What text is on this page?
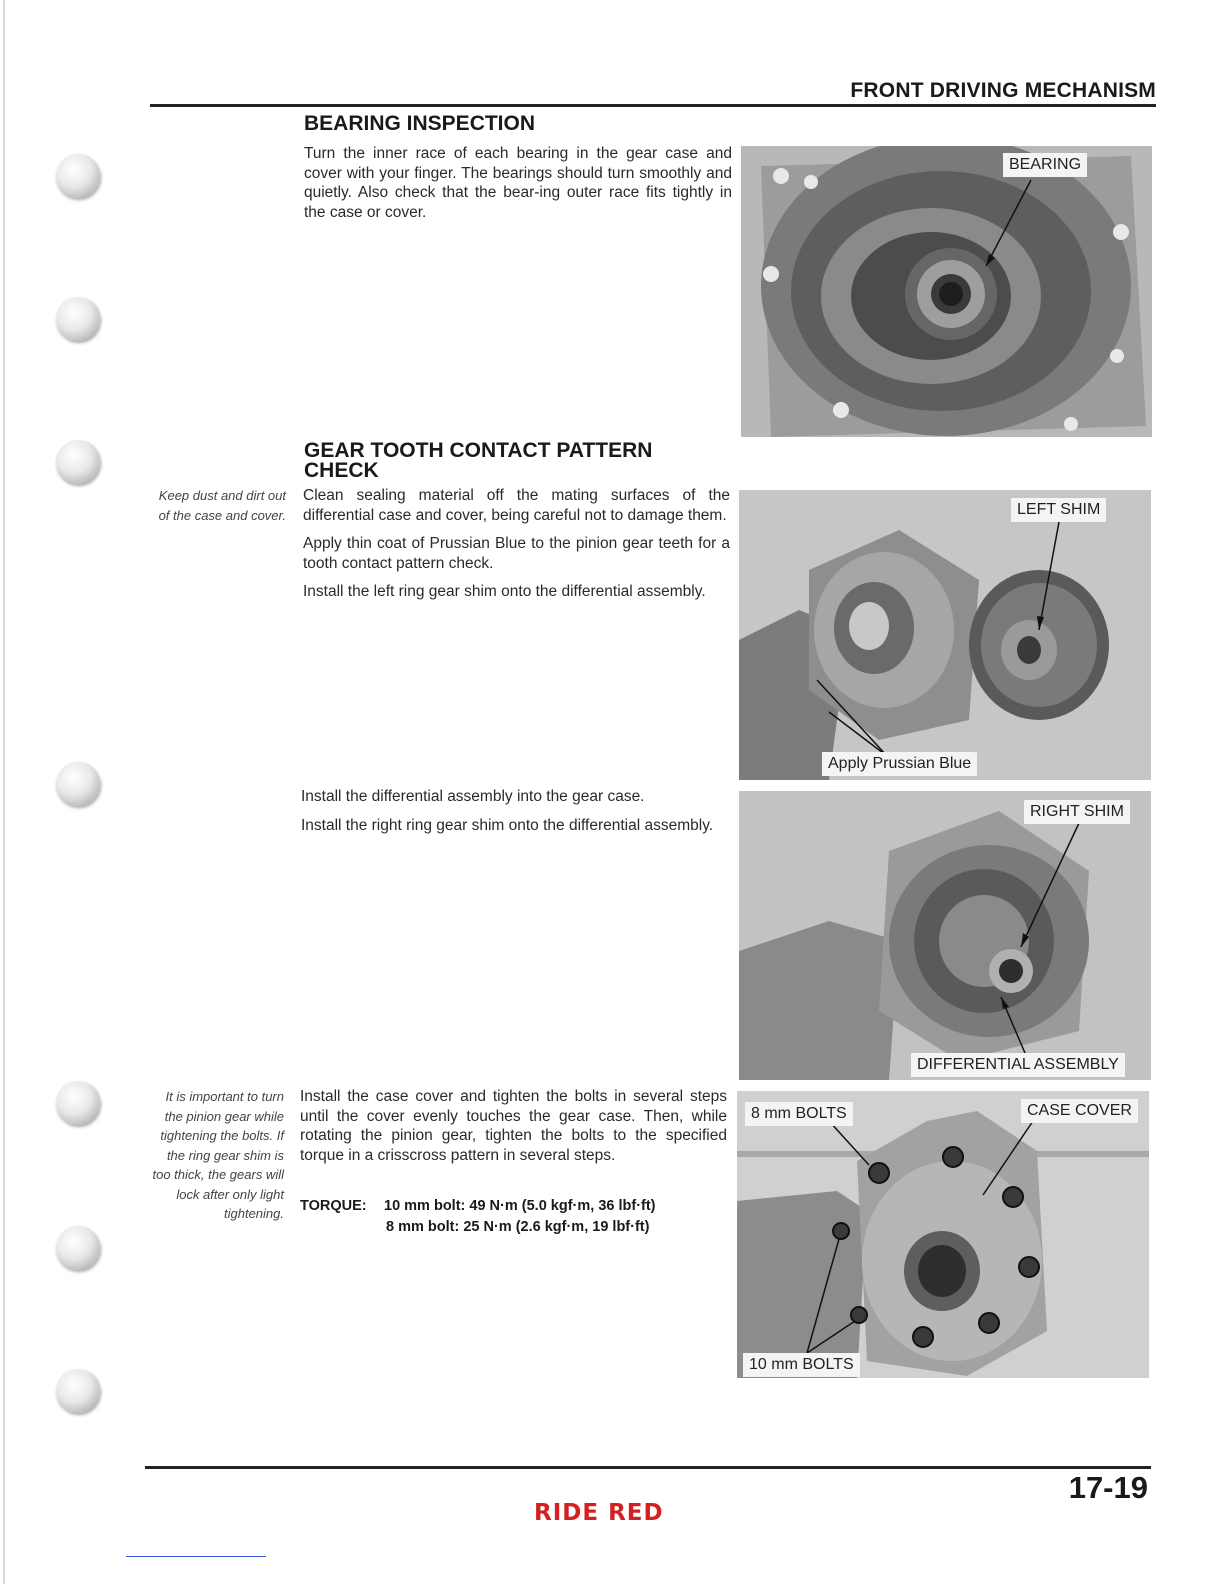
FRONT DRIVING MECHANISM
BEARING INSPECTION

Turn the inner race of each bearing in the gear case and cover with your finger. The bearings should turn smoothly and quietly. Also check that the bear-ing outer race fits tightly in the case or cover.

BEARING
GEAR TOOTH CONTACT PATTERN
CHECK
Keep dust and dirt out of the case and cover.

Clean sealing material off the mating surfaces of the differential case and cover, being careful not to damage them.

Apply thin coat of Prussian Blue to the pinion gear teeth for a tooth contact pattern check.

Install the left ring gear shim onto the differential assembly.

LEFT SHIM
Apply Prussian Blue

Install the differential assembly into the gear case.

Install the right ring gear shim onto the differential assembly.

RIGHT SHIM
DIFFERENTIAL ASSEMBLY
It is important to turn the pinion gear while tightening the bolts. If the ring gear shim is too thick, the gears will lock after only light tightening.

Install the case cover and tighten the bolts in several steps until the cover evenly touches the gear case. Then, while rotating the pinion gear, tighten the bolts to the specified torque in a crisscross pattern in several steps.

TORQUE:	10 mm bolt: 49 N·m (5.0 kgf·m, 36 lbf·ft)
8 mm bolt: 25 N·m (2.6 kgf·m, 19 lbf·ft)
8 mm BOLTS	CASE COVER
10 mm BOLTS
17-19
RIDE RED
